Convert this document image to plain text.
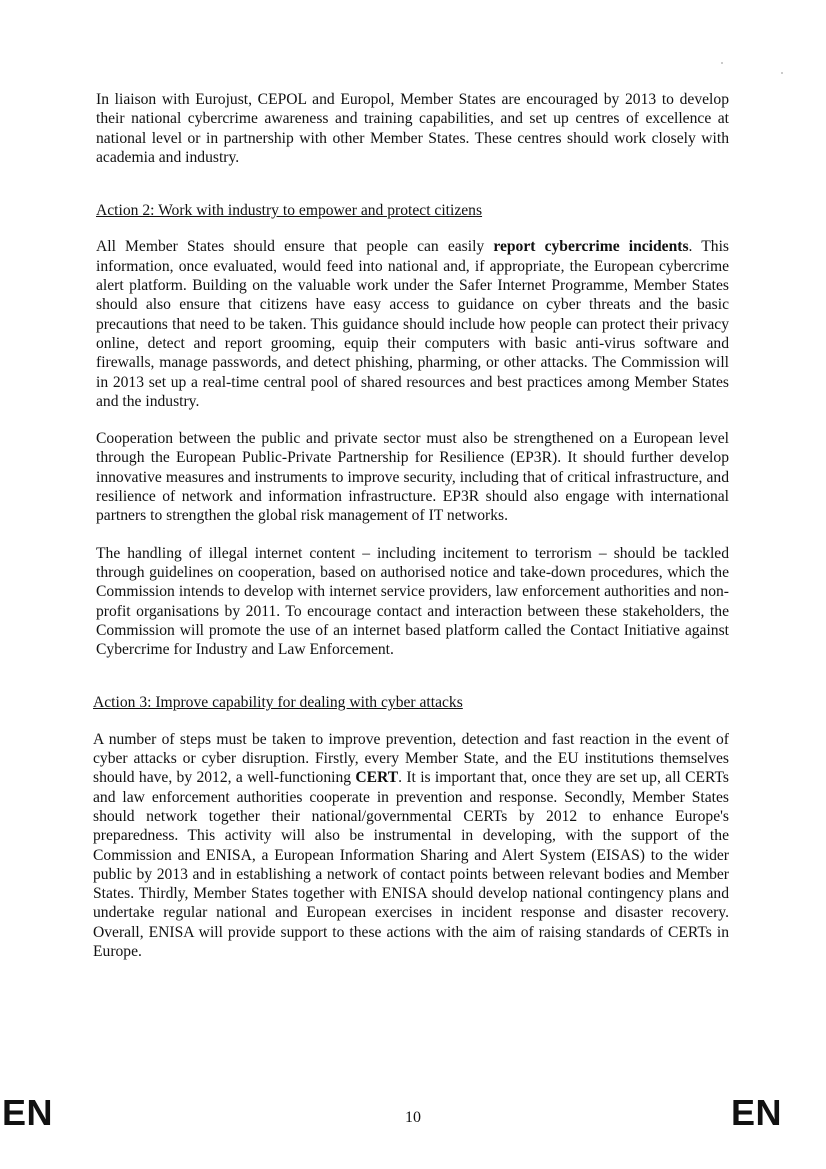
In liaison with Eurojust, CEPOL and Europol, Member States are encouraged by 2013 to develop their national cybercrime awareness and training capabilities, and set up centres of excellence at national level or in partnership with other Member States. These centres should work closely with academia and industry.

Action 2: Work with industry to empower and protect citizens

All Member States should ensure that people can easily report cybercrime incidents. This information, once evaluated, would feed into national and, if appropriate, the European cybercrime alert platform. Building on the valuable work under the Safer Internet Programme, Member States should also ensure that citizens have easy access to guidance on cyber threats and the basic precautions that need to be taken. This guidance should include how people can protect their privacy online, detect and report grooming, equip their computers with basic anti-virus software and firewalls, manage passwords, and detect phishing, pharming, or other attacks. The Commission will in 2013 set up a real-time central pool of shared resources and best practices among Member States and the industry.

Cooperation between the public and private sector must also be strengthened on a European level through the European Public-Private Partnership for Resilience (EP3R). It should further develop innovative measures and instruments to improve security, including that of critical infrastructure, and resilience of network and information infrastructure. EP3R should also engage with international partners to strengthen the global risk management of IT networks.

The handling of illegal internet content – including incitement to terrorism – should be tackled through guidelines on cooperation, based on authorised notice and take-down procedures, which the Commission intends to develop with internet service providers, law enforcement authorities and non-profit organisations by 2011. To encourage contact and interaction between these stakeholders, the Commission will promote the use of an internet based platform called the Contact Initiative against Cybercrime for Industry and Law Enforcement.

Action 3: Improve capability for dealing with cyber attacks

A number of steps must be taken to improve prevention, detection and fast reaction in the event of cyber attacks or cyber disruption. Firstly, every Member State, and the EU institutions themselves should have, by 2012, a well-functioning CERT. It is important that, once they are set up, all CERTs and law enforcement authorities cooperate in prevention and response. Secondly, Member States should network together their national/governmental CERTs by 2012 to enhance Europe's preparedness. This activity will also be instrumental in developing, with the support of the Commission and ENISA, a European Information Sharing and Alert System (EISAS) to the wider public by 2013 and in establishing a network of contact points between relevant bodies and Member States. Thirdly, Member States together with ENISA should develop national contingency plans and undertake regular national and European exercises in incident response and disaster recovery. Overall, ENISA will provide support to these actions with the aim of raising standards of CERTs in Europe.

EN	10	EN
